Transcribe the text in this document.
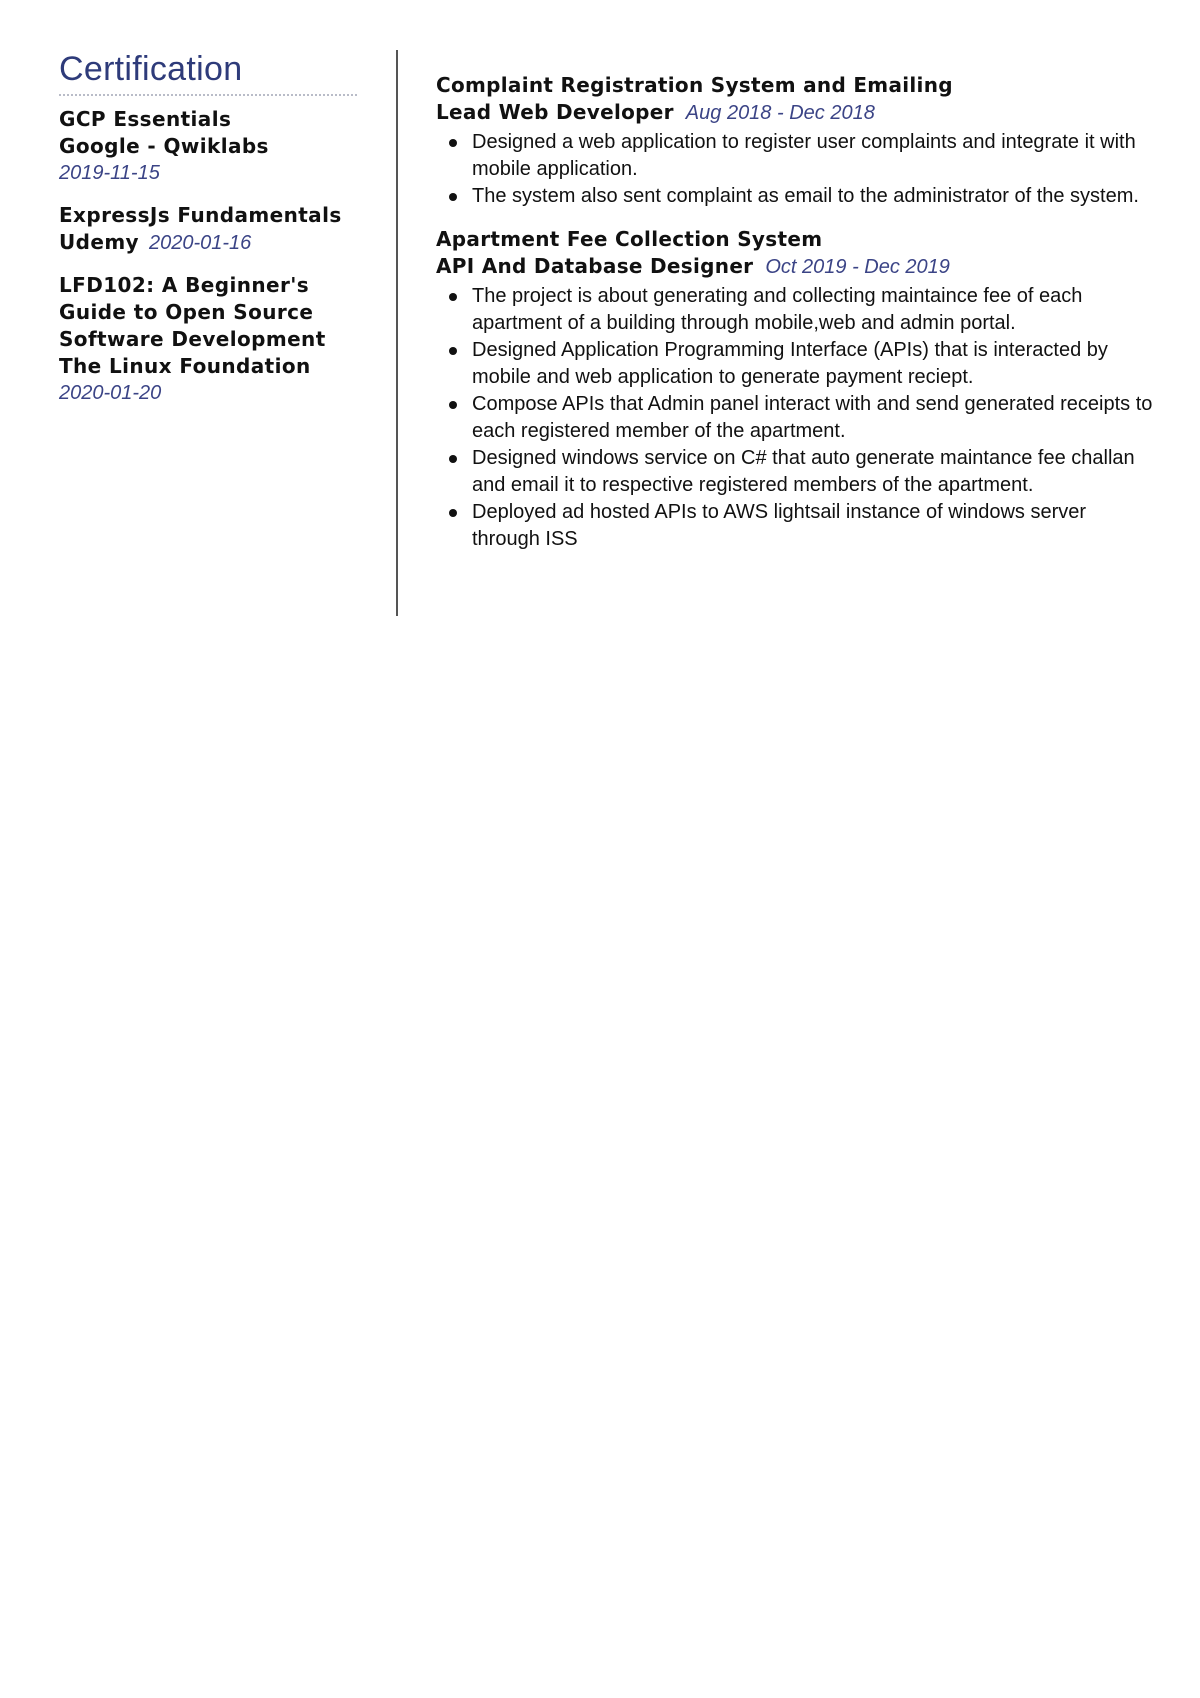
Certification
GCP Essentials
Google - Qwiklabs
2019-11-15
ExpressJs Fundamentals
Udemy 2020-01-16
LFD102: A Beginner's Guide to Open Source Software Development
The Linux Foundation
2020-01-20
Complaint Registration System and Emailing
Lead Web Developer Aug 2018 - Dec 2018
Designed a web application to register user complaints and integrate it with mobile application.
The system also sent complaint as email to the administrator of the system.
Apartment Fee Collection System
API And Database Designer Oct 2019 - Dec 2019
The project is about generating and collecting maintaince fee of each apartment of a building through mobile,web and admin portal.
Designed Application Programming Interface (APIs) that is interacted by mobile and web application to generate payment reciept.
Compose APIs that Admin panel interact with and send generated receipts to each registered member of the apartment.
Designed windows service on C# that auto generate maintance fee challan and email it to respective registered members of the apartment.
Deployed ad hosted APIs to AWS lightsail instance of windows server through ISS
